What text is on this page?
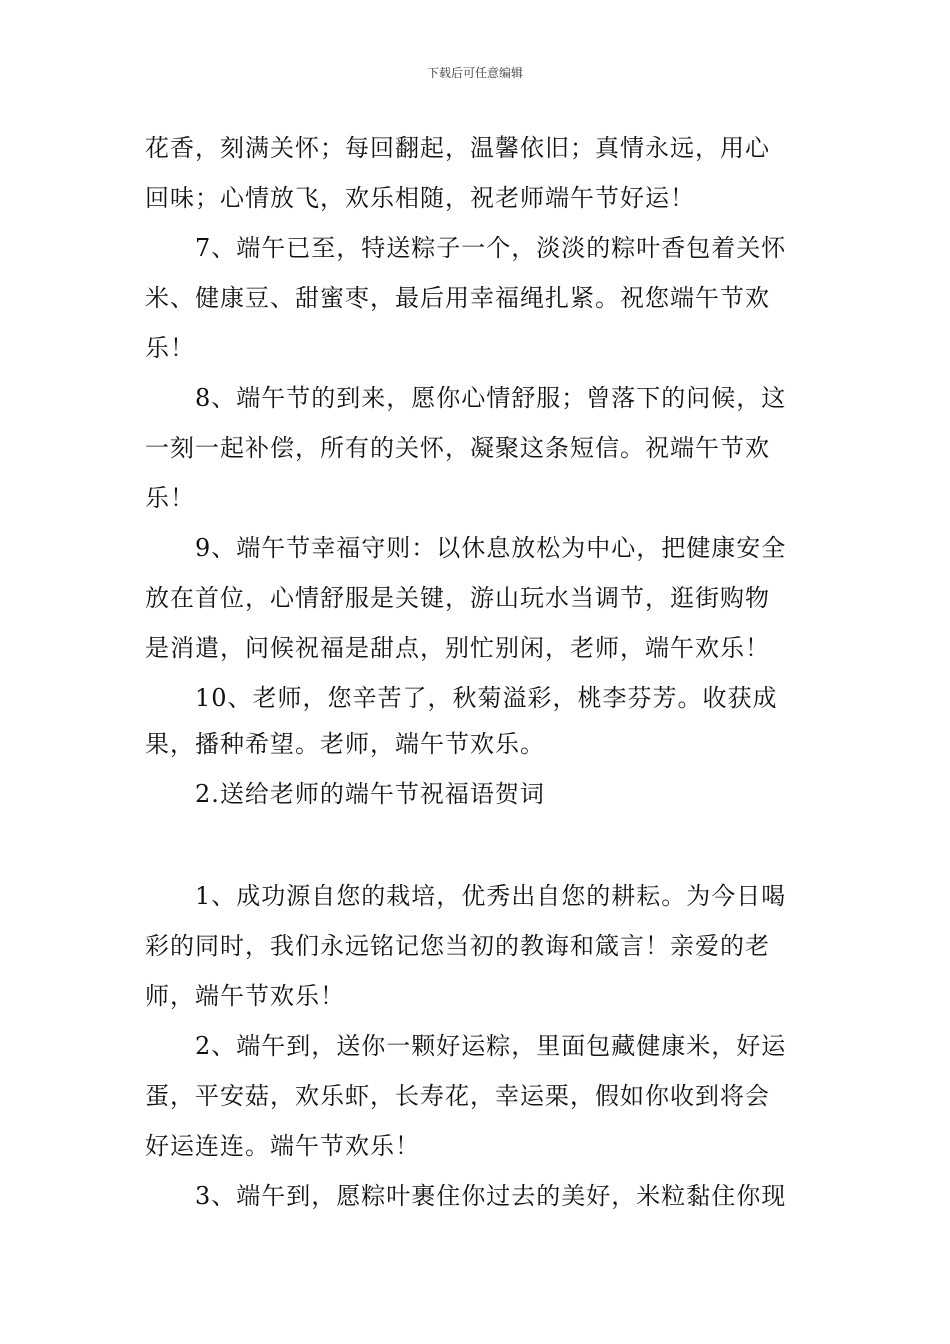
下载后可任意编辑
花香，刻满关怀；每回翻起，温馨依旧；真情永远，用心
回味；心情放飞，欢乐相随，祝老师端午节好运！
7、端午已至，特送粽子一个，淡淡的粽叶香包着关怀
米、健康豆、甜蜜枣，最后用幸福绳扎紧。祝您端午节欢
乐！
8、端午节的到来，愿你心情舒服；曾落下的问候，这
一刻一起补偿，所有的关怀，凝聚这条短信。祝端午节欢
乐！
9、端午节幸福守则：以休息放松为中心，把健康安全
放在首位，心情舒服是关键，游山玩水当调节，逛街购物
是消遣，问候祝福是甜点，别忙别闲，老师，端午欢乐！
10、老师，您辛苦了，秋菊溢彩，桃李芬芳。收获成
果，播种希望。老师，端午节欢乐。
2.送给老师的端午节祝福语贺词
1、成功源自您的栽培，优秀出自您的耕耘。为今日喝
彩的同时，我们永远铭记您当初的教诲和箴言！亲爱的老
师，端午节欢乐！
2、端午到，送你一颗好运粽，里面包藏健康米，好运
蛋，平安菇，欢乐虾，长寿花，幸运栗，假如你收到将会
好运连连。端午节欢乐！
3、端午到，愿粽叶裹住你过去的美好，米粒黏住你现
